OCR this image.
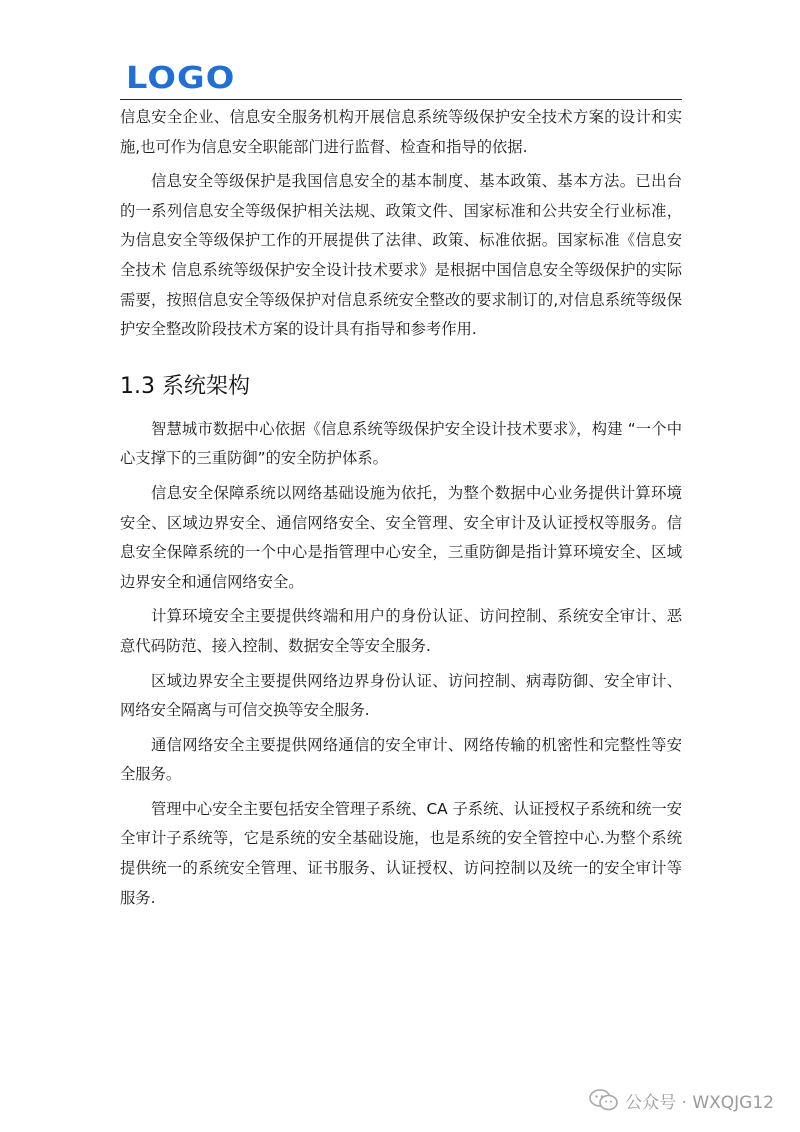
LOGO

信息安全企业、信息安全服务机构开展信息系统等级保护安全技术方案的设计和实施,也可作为信息安全职能部门进行监督、检查和指导的依据.

信息安全等级保护是我国信息安全的基本制度、基本政策、基本方法。已出台的一系列信息安全等级保护相关法规、政策文件、国家标准和公共安全行业标准，为信息安全等级保护工作的开展提供了法律、政策、标准依据。国家标准《信息安全技术 信息系统等级保护安全设计技术要求》是根据中国信息安全等级保护的实际需要，按照信息安全等级保护对信息系统安全整改的要求制订的,对信息系统等级保护安全整改阶段技术方案的设计具有指导和参考作用.

1.3 系统架构

智慧城市数据中心依据《信息系统等级保护安全设计技术要求》，构建 “一个中心支撑下的三重防御”的安全防护体系。

信息安全保障系统以网络基础设施为依托，为整个数据中心业务提供计算环境安全、区域边界安全、通信网络安全、安全管理、安全审计及认证授权等服务。信息安全保障系统的一个中心是指管理中心安全，三重防御是指计算环境安全、区域边界安全和通信网络安全。

计算环境安全主要提供终端和用户的身份认证、访问控制、系统安全审计、恶意代码防范、接入控制、数据安全等安全服务.

区域边界安全主要提供网络边界身份认证、访问控制、病毒防御、安全审计、网络安全隔离与可信交换等安全服务.

通信网络安全主要提供网络通信的安全审计、网络传输的机密性和完整性等安全服务。

管理中心安全主要包括安全管理子系统、CA 子系统、认证授权子系统和统一安全审计子系统等，它是系统的安全基础设施，也是系统的安全管控中心.为整个系统提供统一的系统安全管理、证书服务、认证授权、访问控制以及统一的安全审计等服务.

公众号 · WXQJG12
